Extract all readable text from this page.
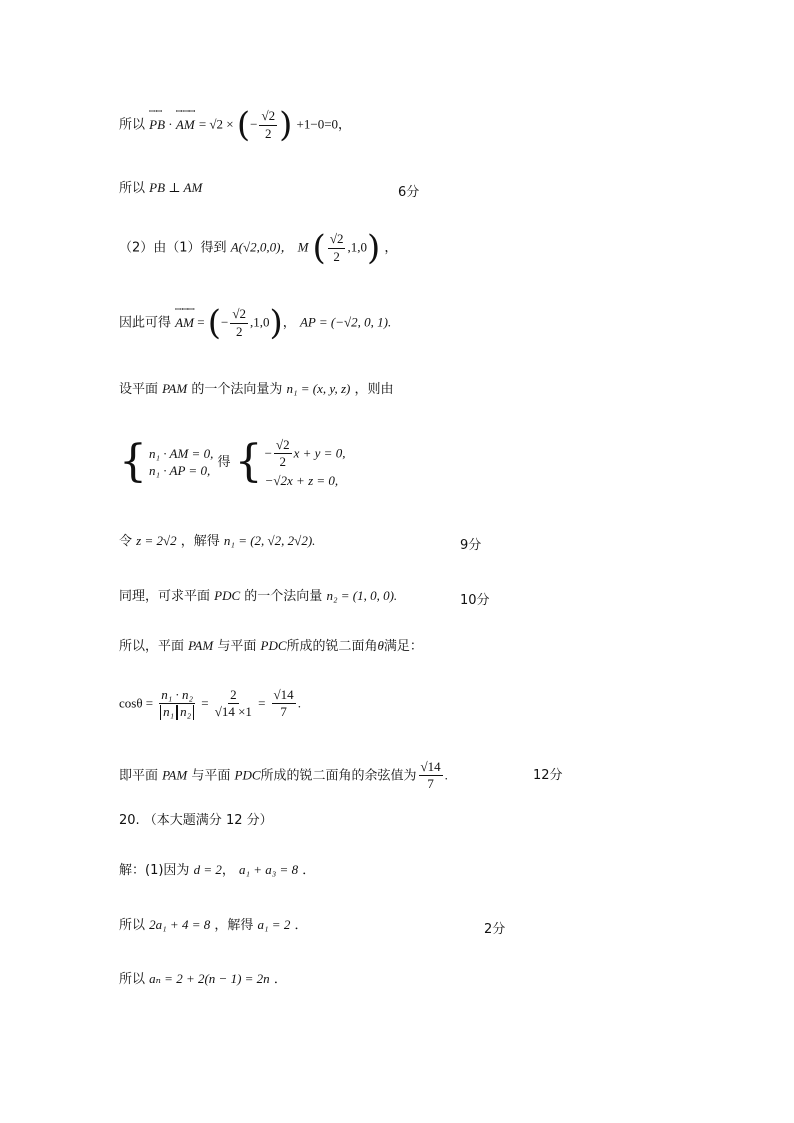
所以
ꟷꟷ
PB ·
ꟷꟷꟷ
AM = √2 × (− $\frac{√2}{2}$ ) +1−0=0，
所以 PB ⊥ AM	6分
（2）由（1）得到 A(√2,0,0)， M ( $\frac{√2}{2} ,1,0$) ，
因此可得
ꟷꟷꟷ
AM = (− $\frac{√2}{2} ,1,0$)， AP = (−√2, 0, 1).
设平面 PAM 的一个法向量为 n₁ = (x, y, z) ，则由
{ n₁ · AM = 0,
n₁ · AP = 0,
得 { − $\frac{√2}{2}$ x + y = 0,
−√2x + z = 0,
令 z = 2√2 ，解得 n₁ = (2, √2, 2√2).	9分
同理，可求平面 PDC 的一个法向量 n₂ = (1, 0, 0).	10分
所以，平面 PAM 与平面 PDC所成的锐二面角θ满足：
$\cos\theta = \frac{\text{n₁ · n₂}}{\text{n₁ n₂}} = \frac{2}{√14 \times 1} = \frac{√14}{7}$ .
即平面 PAM 与平面 PDC所成的锐二面角的余弦值为 $\frac{√14}{7}$ .	12分
20. （本大题满分 12 分）
解：(1)因为 d = 2， a₁ + a₃ = 8 ．
所以 2a₁ + 4 = 8 ，解得 a₁ = 2 ．	2分
所以 aₙ = 2 + 2(n − 1) = 2n ．
